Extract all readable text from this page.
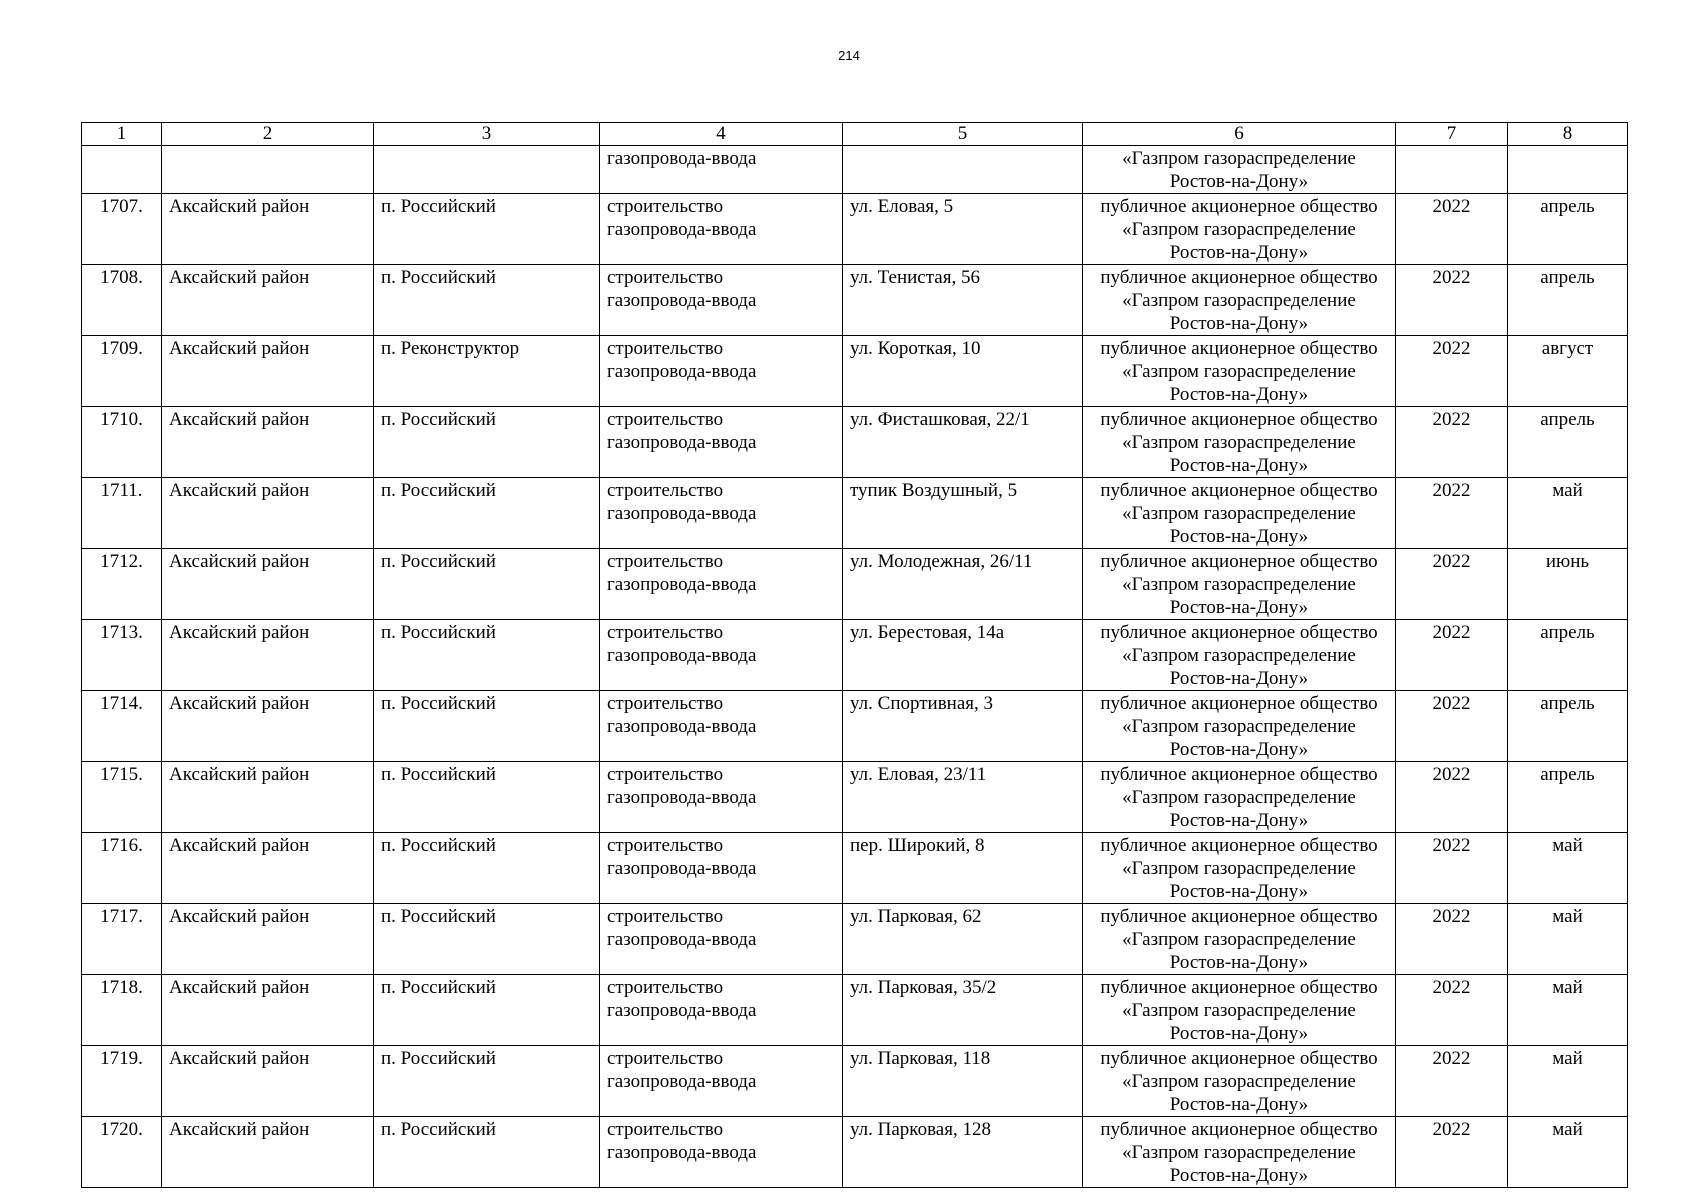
214
1	2	3	4	5	6	7	8

			газопровода-ввода		«Газпром газораспределение
Ростов-на-Дону»		

1707.	Аксайский район	п. Российский	строительство
газопровода-ввода	ул. Еловая, 5	публичное акционерное общество
«Газпром газораспределение
Ростов-на-Дону»	2022	апрель
1708.	Аксайский район	п. Российский	строительство
газопровода-ввода	ул. Тенистая, 56	публичное акционерное общество
«Газпром газораспределение
Ростов-на-Дону»	2022	апрель
1709.	Аксайский район	п. Реконструктор	строительство
газопровода-ввода	ул. Короткая, 10	публичное акционерное общество
«Газпром газораспределение
Ростов-на-Дону»	2022	август
1710.	Аксайский район	п. Российский	строительство
газопровода-ввода	ул. Фисташковая, 22/1	публичное акционерное общество
«Газпром газораспределение
Ростов-на-Дону»	2022	апрель
1711.	Аксайский район	п. Российский	строительство
газопровода-ввода	тупик Воздушный, 5	публичное акционерное общество
«Газпром газораспределение
Ростов-на-Дону»	2022	май
1712.	Аксайский район	п. Российский	строительство
газопровода-ввода	ул. Молодежная, 26/11	публичное акционерное общество
«Газпром газораспределение
Ростов-на-Дону»	2022	июнь
1713.	Аксайский район	п. Российский	строительство
газопровода-ввода	ул. Берестовая, 14а	публичное акционерное общество
«Газпром газораспределение
Ростов-на-Дону»	2022	апрель
1714.	Аксайский район	п. Российский	строительство
газопровода-ввода	ул. Спортивная, 3	публичное акционерное общество
«Газпром газораспределение
Ростов-на-Дону»	2022	апрель
1715.	Аксайский район	п. Российский	строительство
газопровода-ввода	ул. Еловая, 23/11	публичное акционерное общество
«Газпром газораспределение
Ростов-на-Дону»	2022	апрель
1716.	Аксайский район	п. Российский	строительство
газопровода-ввода	пер. Широкий, 8	публичное акционерное общество
«Газпром газораспределение
Ростов-на-Дону»	2022	май
1717.	Аксайский район	п. Российский	строительство
газопровода-ввода	ул. Парковая, 62	публичное акционерное общество
«Газпром газораспределение
Ростов-на-Дону»	2022	май
1718.	Аксайский район	п. Российский	строительство
газопровода-ввода	ул. Парковая, 35/2	публичное акционерное общество
«Газпром газораспределение
Ростов-на-Дону»	2022	май
1719.	Аксайский район	п. Российский	строительство
газопровода-ввода	ул. Парковая, 118	публичное акционерное общество
«Газпром газораспределение
Ростов-на-Дону»	2022	май
1720.	Аксайский район	п. Российский	строительство
газопровода-ввода	ул. Парковая, 128	публичное акционерное общество
«Газпром газораспределение
Ростов-на-Дону»	2022	май
